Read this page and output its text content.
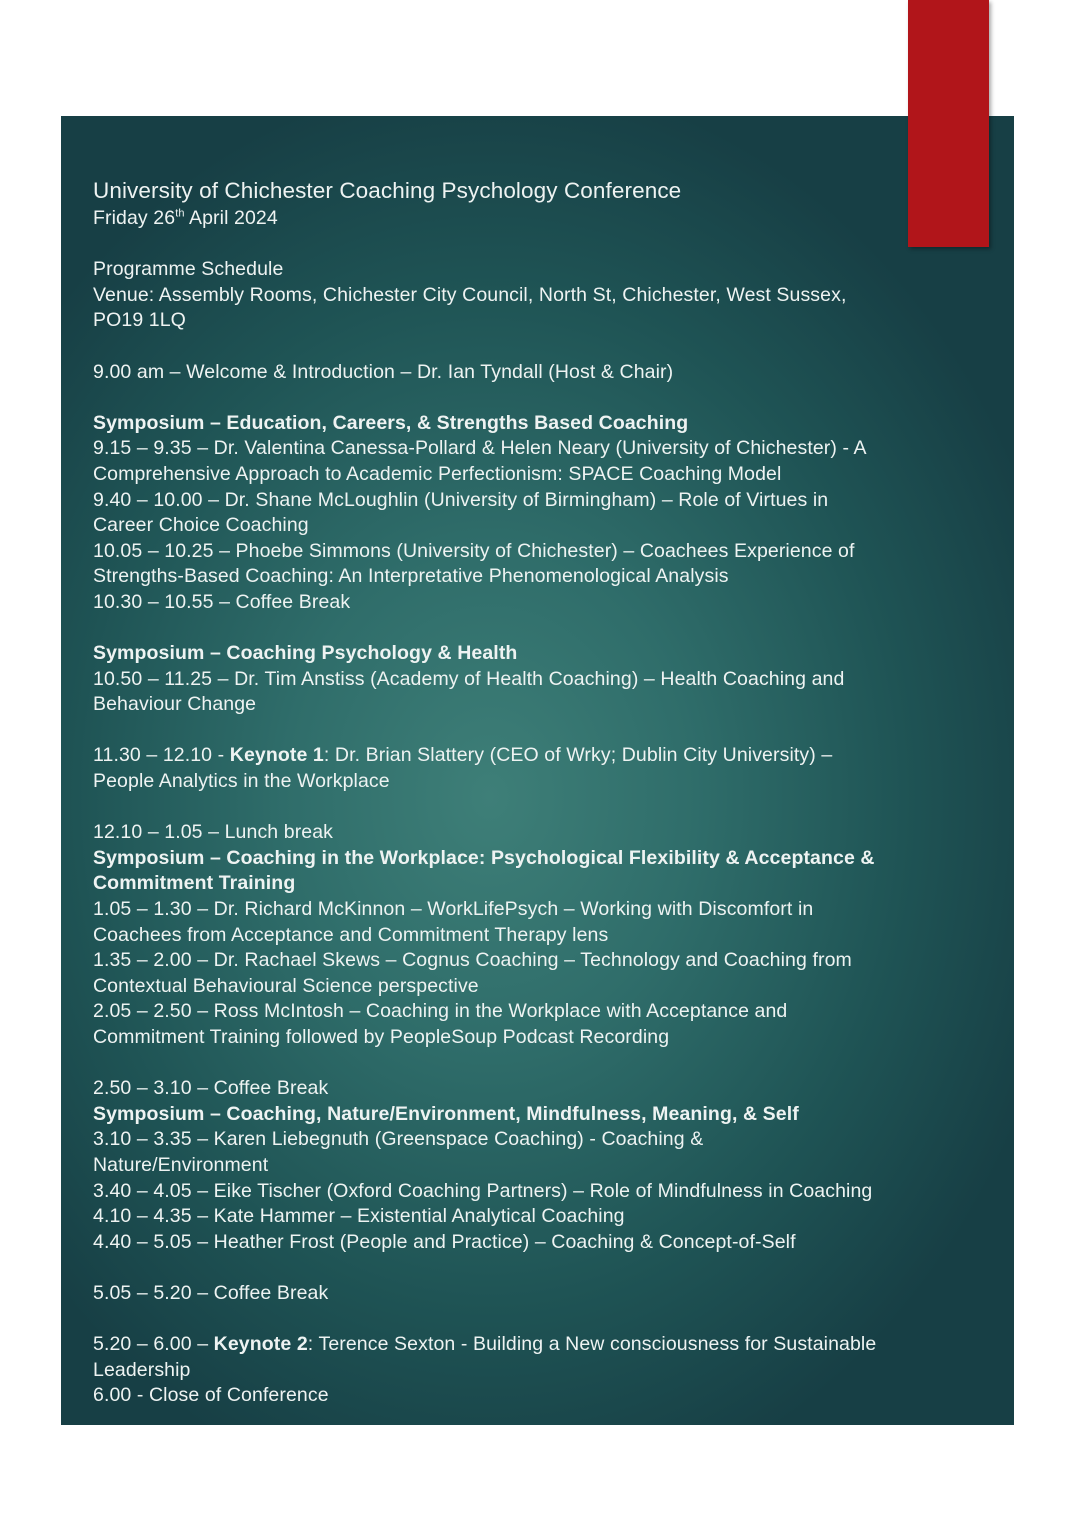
University of Chichester Coaching Psychology Conference
Friday 26th April 2024
Programme Schedule
Venue: Assembly Rooms, Chichester City Council, North St, Chichester, West Sussex,
PO19 1LQ
9.00 am – Welcome & Introduction – Dr. Ian Tyndall (Host & Chair)
Symposium – Education, Careers, & Strengths Based Coaching
9.15 – 9.35 – Dr. Valentina Canessa-Pollard & Helen Neary (University of Chichester) - A
Comprehensive Approach to Academic Perfectionism: SPACE Coaching Model
9.40 – 10.00 – Dr. Shane McLoughlin (University of Birmingham) – Role of Virtues in
Career Choice Coaching
10.05 – 10.25 – Phoebe Simmons (University of Chichester) – Coachees Experience of
Strengths-Based Coaching: An Interpretative Phenomenological Analysis
10.30 – 10.55 – Coffee Break
Symposium – Coaching Psychology & Health
10.50 – 11.25 – Dr. Tim Anstiss (Academy of Health Coaching) – Health Coaching and
Behaviour Change
11.30 – 12.10 - Keynote 1: Dr. Brian Slattery (CEO of Wrky; Dublin City University) –
People Analytics in the Workplace
12.10 – 1.05 – Lunch break
Symposium – Coaching in the Workplace: Psychological Flexibility & Acceptance &
Commitment Training
1.05 – 1.30 – Dr. Richard McKinnon – WorkLifePsych – Working with Discomfort in
Coachees from Acceptance and Commitment Therapy lens
1.35 – 2.00 – Dr. Rachael Skews – Cognus Coaching – Technology and Coaching from
Contextual Behavioural Science perspective
2.05 – 2.50 – Ross McIntosh – Coaching in the Workplace with Acceptance and
Commitment Training followed by PeopleSoup Podcast Recording
2.50 – 3.10 – Coffee Break
Symposium – Coaching, Nature/Environment, Mindfulness, Meaning, & Self
3.10 – 3.35 – Karen Liebegnuth (Greenspace Coaching) - Coaching &
Nature/Environment
3.40 – 4.05 – Eike Tischer (Oxford Coaching Partners) – Role of Mindfulness in Coaching
4.10 – 4.35 – Kate Hammer – Existential Analytical Coaching
4.40 – 5.05 – Heather Frost (People and Practice) – Coaching & Concept-of-Self
5.05 – 5.20 – Coffee Break
5.20 – 6.00 – Keynote 2: Terence Sexton - Building a New consciousness for Sustainable
Leadership
6.00 - Close of Conference
